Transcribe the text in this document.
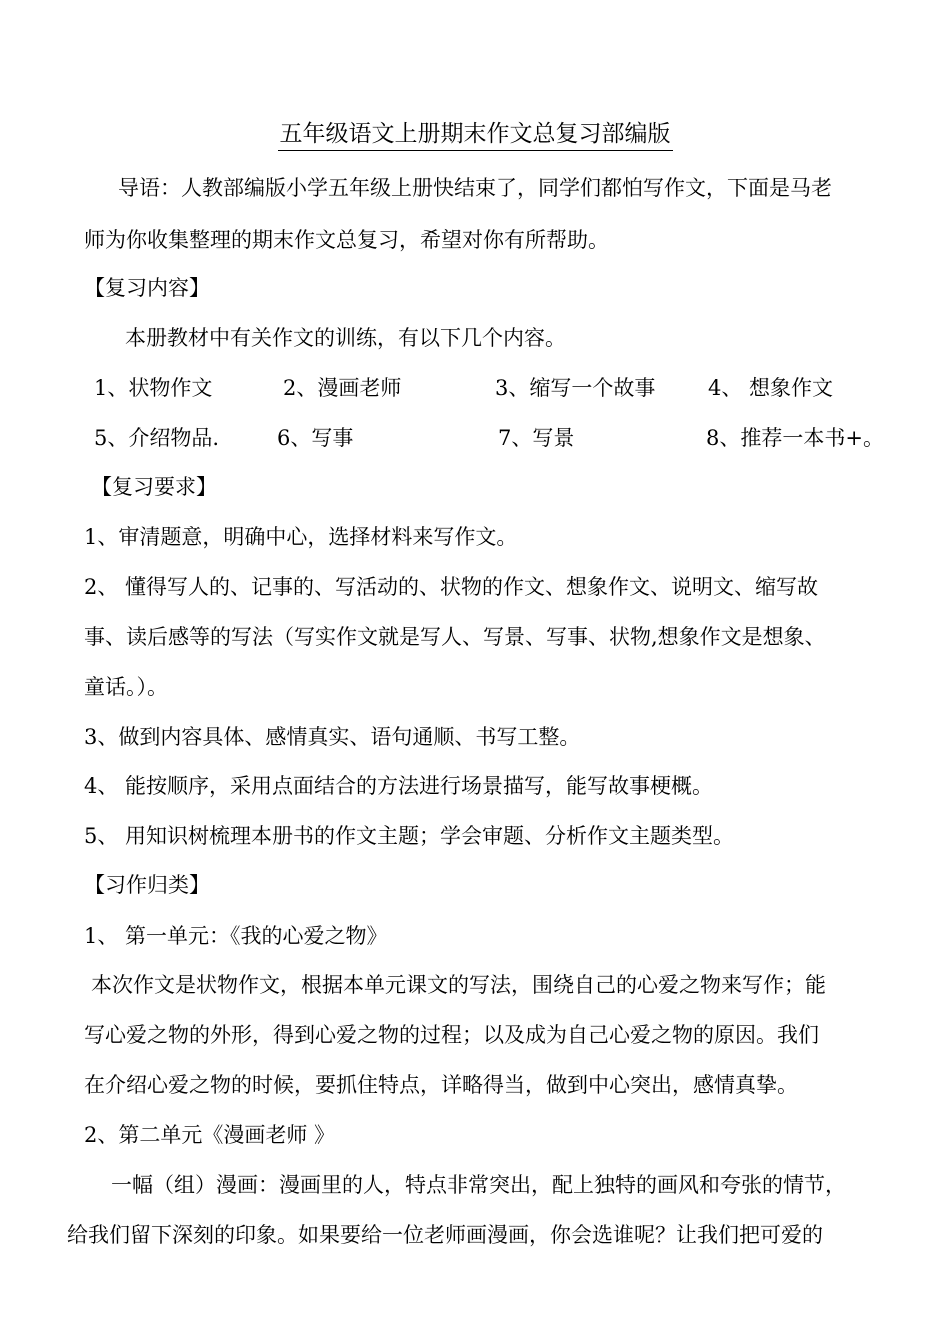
五年级语文上册期末作文总复习部编版
导语：人教部编版小学五年级上册快结束了，同学们都怕写作文，下面是马老
师为你收集整理的期末作文总复习，希望对你有所帮助。
【复习内容】
本册教材中有关作文的训练，有以下几个内容。
1、状物作文	2、漫画老师	3、缩写一个故事	4、 想象作文
5、介绍物品.	6、写事	7、写景	8、推荐一本书+。
【复习要求】
1、审清题意，明确中心，选择材料来写作文。
2、 懂得写人的、记事的、写活动的、状物的作文、想象作文、说明文、缩写故
事、读后感等的写法（写实作文就是写人、写景、写事、状物,想象作文是想象、
童话。）。
3、做到内容具体、感情真实、语句通顺、书写工整。
4、 能按顺序，采用点面结合的方法进行场景描写，能写故事梗概。
5、 用知识树梳理本册书的作文主题；学会审题、分析作文主题类型。
【习作归类】
1、 第一单元：《我的心爱之物》
本次作文是状物作文，根据本单元课文的写法，围绕自己的心爱之物来写作；能
写心爱之物的外形，得到心爱之物的过程；以及成为自己心爱之物的原因。我们
在介绍心爱之物的时候，要抓住特点，详略得当，做到中心突出，感情真挚。
2、第二单元《漫画老师 》
一幅（组）漫画：漫画里的人，特点非常突出，配上独特的画风和夸张的情节，
给我们留下深刻的印象。如果要给一位老师画漫画，你会选谁呢？让我们把可爱的
